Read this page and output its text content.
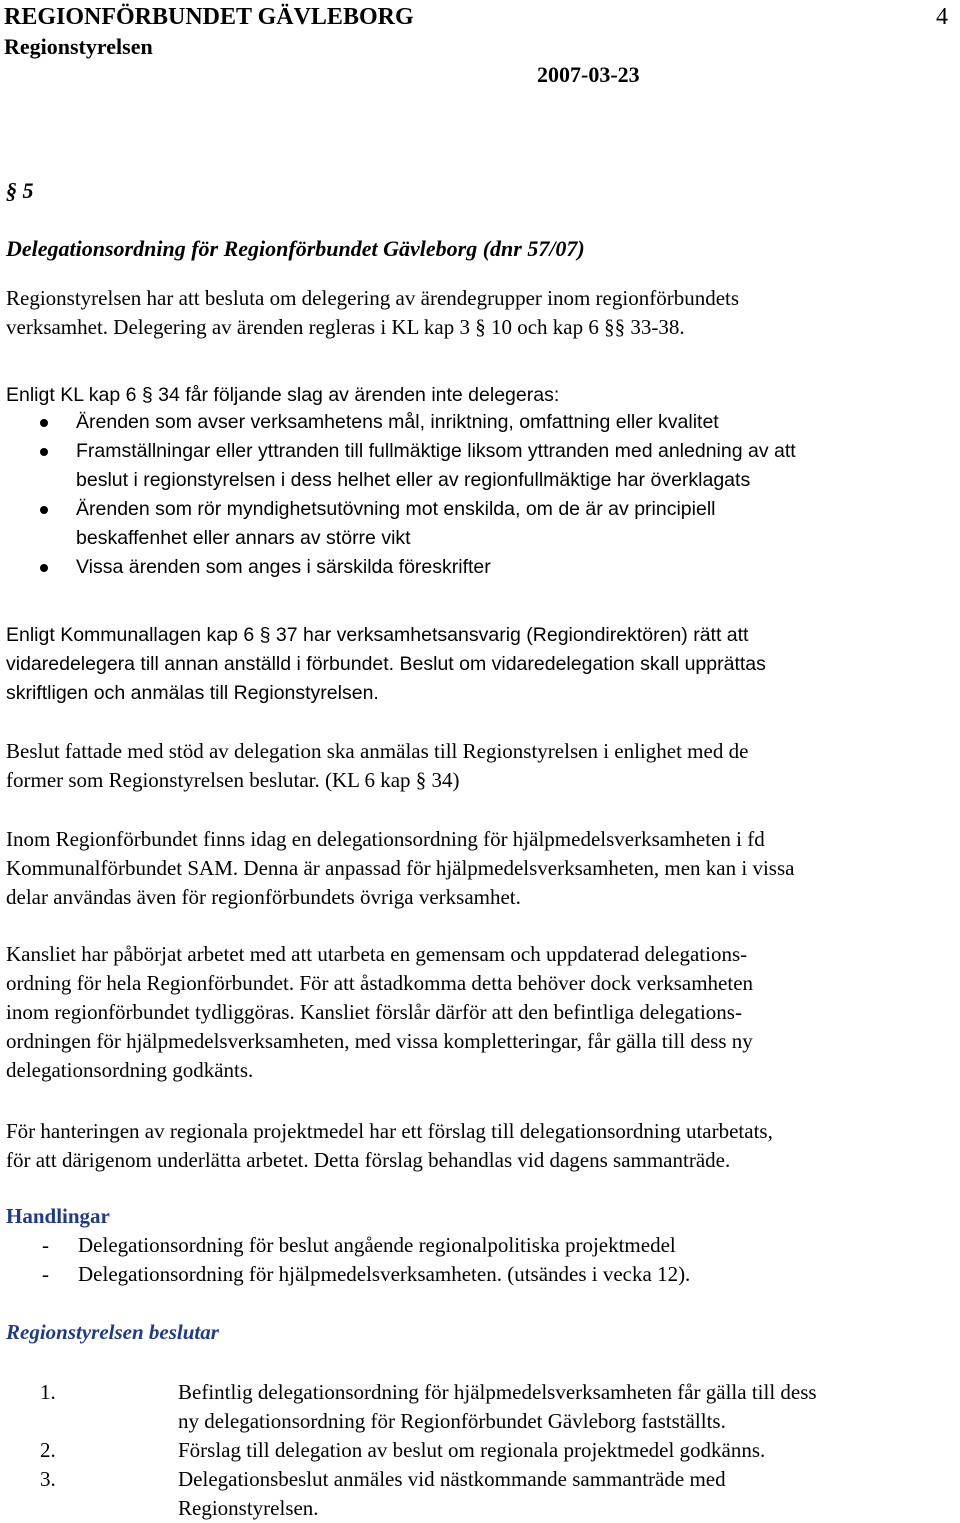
REGIONFÖRBUNDET GÄVLEBORG	4
Regionstyrelsen
2007-03-23
§ 5
Delegationsordning för Regionförbundet Gävleborg (dnr 57/07)
Regionstyrelsen har att besluta om delegering av ärendegrupper inom regionförbundets
verksamhet. Delegering av ärenden regleras i KL kap 3 § 10 och kap 6 §§ 33-38.
Enligt KL kap 6 § 34 får följande slag av ärenden inte delegeras:
Ärenden som avser verksamhetens mål, inriktning, omfattning eller kvalitet
Framställningar eller yttranden till fullmäktige liksom yttranden med anledning av att
beslut i regionstyrelsen i dess helhet eller av regionfullmäktige har överklagats
Ärenden som rör myndighetsutövning mot enskilda, om de är av principiell
beskaffenhet eller annars av större vikt
Vissa ärenden som anges i särskilda föreskrifter
Enligt Kommunallagen kap 6 § 37 har verksamhetsansvarig (Regiondirektören) rätt att
vidaredelegera till annan anställd i förbundet. Beslut om vidaredelegation skall upprättas
skriftligen och anmälas till Regionstyrelsen.
Beslut fattade med stöd av delegation ska anmälas till Regionstyrelsen i enlighet med de
former som Regionstyrelsen beslutar. (KL 6 kap § 34)
Inom Regionförbundet finns idag en delegationsordning för hjälpmedelsverksamheten i fd
Kommunalförbundet SAM. Denna är anpassad för hjälpmedelsverksamheten, men kan i vissa
delar användas även för regionförbundets övriga verksamhet.
Kansliet har påbörjat arbetet med att utarbeta en gemensam och uppdaterad delegations-
ordning för hela Regionförbundet. För att åstadkomma detta behöver dock verksamheten
inom regionförbundet tydliggöras. Kansliet förslår därför att den befintliga delegations-
ordningen för hjälpmedelsverksamheten, med vissa kompletteringar, får gälla till dess ny
delegationsordning godkänts.
För hanteringen av regionala projektmedel har ett förslag till delegationsordning utarbetats,
för att därigenom underlätta arbetet. Detta förslag behandlas vid dagens sammanträde.
Handlingar
- Delegationsordning för beslut angående regionalpolitiska projektmedel
- Delegationsordning för hjälpmedelsverksamheten. (utsändes i vecka 12).
Regionstyrelsen beslutar
1.	Befintlig delegationsordning för hjälpmedelsverksamheten får gälla till dess
ny delegationsordning för Regionförbundet Gävleborg fastställts.
2.	Förslag till delegation av beslut om regionala projektmedel godkänns.
3.	Delegationsbeslut anmäles vid nästkommande sammanträde med
Regionstyrelsen.
